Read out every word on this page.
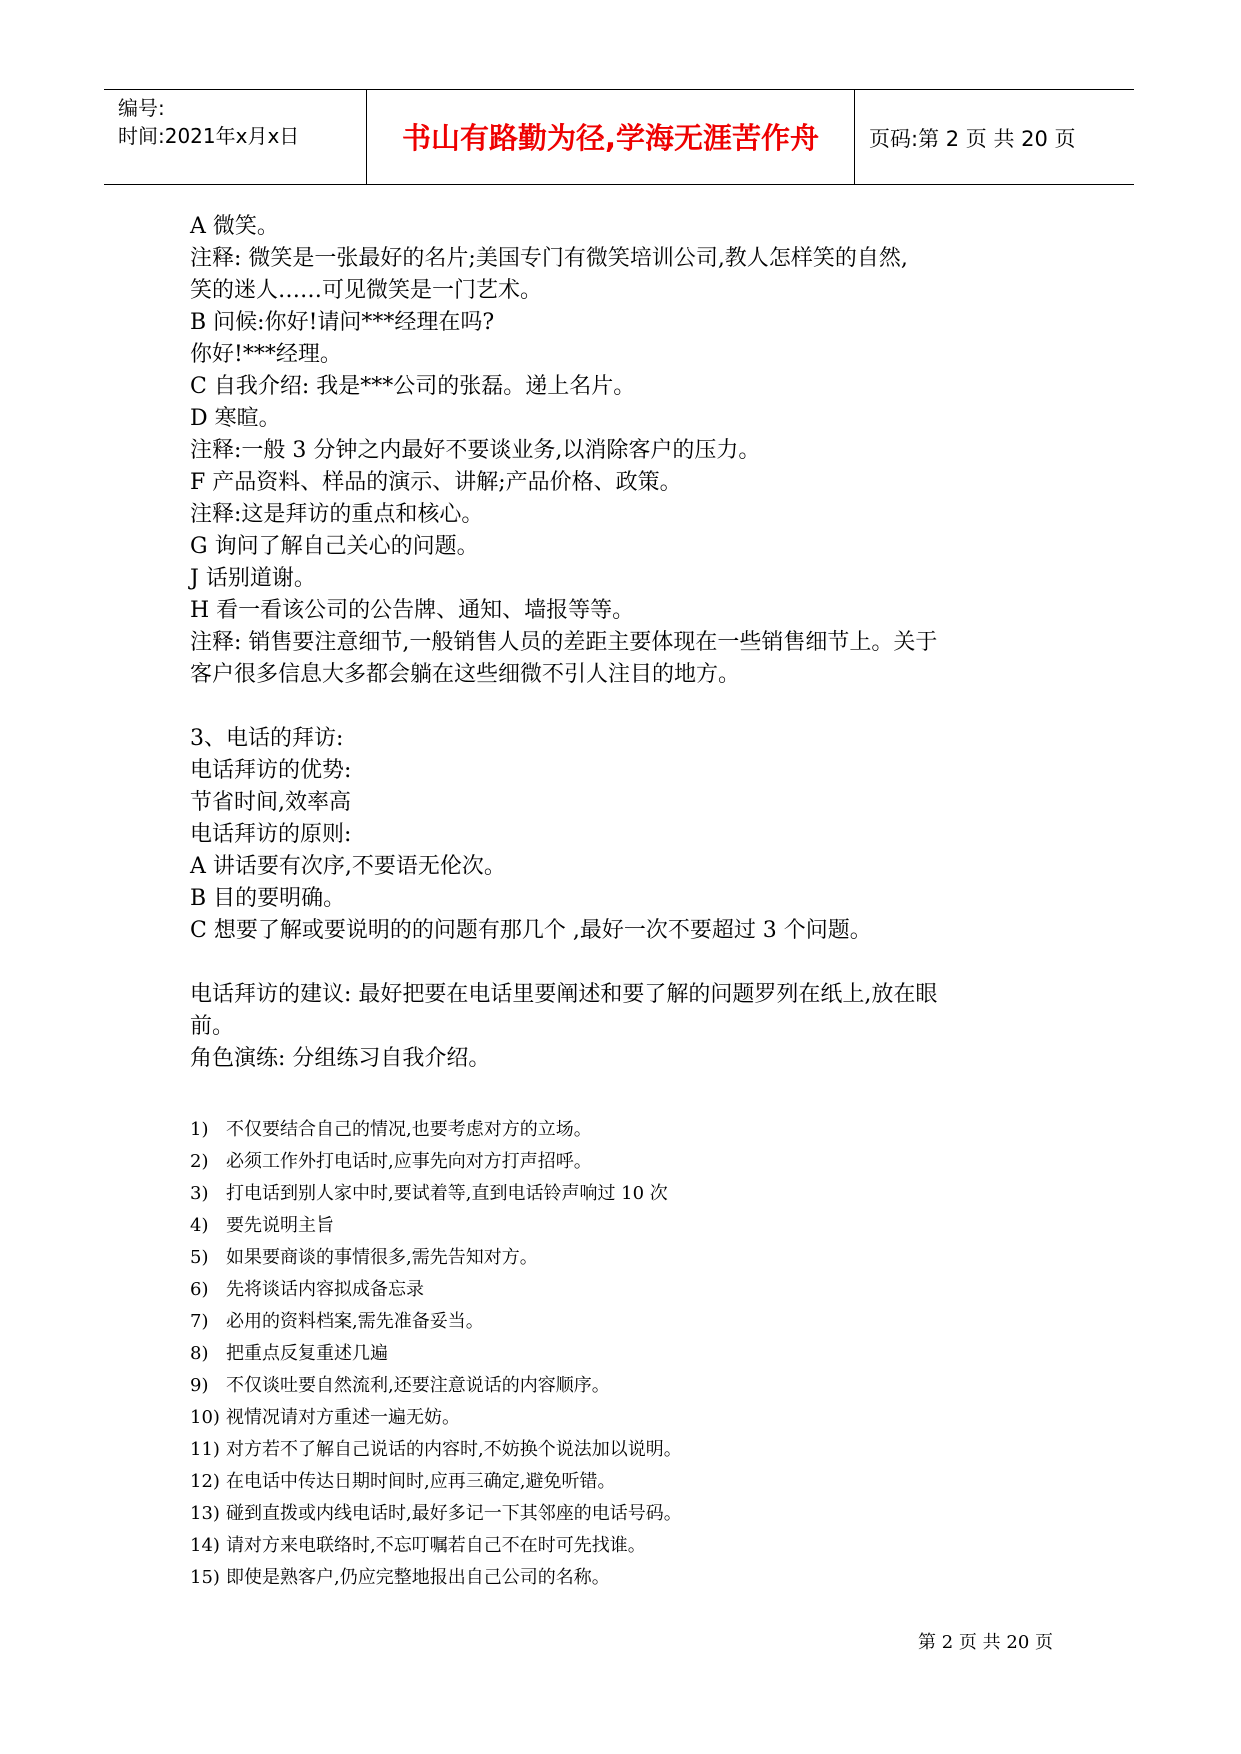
编号:
时间:2021年x月x日	书山有路勤为径,学海无涯苦作舟	页码:第 2 页 共 20 页
A 微笑。
注释: 微笑是一张最好的名片;美国专门有微笑培训公司,教人怎样笑的自然,
笑的迷人……可见微笑是一门艺术。
B 问候:你好!请问***经理在吗?
你好!***经理。
C 自我介绍: 我是***公司的张磊。递上名片。
D 寒暄。
注释:一般 3 分钟之内最好不要谈业务,以消除客户的压力。
F 产品资料、样品的演示、讲解;产品价格、政策。
注释:这是拜访的重点和核心。
G 询问了解自己关心的问题。
J 话别道谢。
H 看一看该公司的公告牌、通知、墙报等等。
注释: 销售要注意细节,一般销售人员的差距主要体现在一些销售细节上。关于
客户很多信息大多都会躺在这些细微不引人注目的地方。
3、电话的拜访:
电话拜访的优势:
节省时间,效率高
电话拜访的原则:
A 讲话要有次序,不要语无伦次。
B 目的要明确。
C 想要了解或要说明的的问题有那几个 ,最好一次不要超过 3 个问题。
电话拜访的建议: 最好把要在电话里要阐述和要了解的问题罗列在纸上,放在眼
前。
角色演练: 分组练习自我介绍。
1) 不仅要结合自己的情况,也要考虑对方的立场。
2) 必须工作外打电话时,应事先向对方打声招呼。
3) 打电话到别人家中时,要试着等,直到电话铃声响过 10 次
4) 要先说明主旨
5) 如果要商谈的事情很多,需先告知对方。
6) 先将谈话内容拟成备忘录
7) 必用的资料档案,需先准备妥当。
8) 把重点反复重述几遍
9) 不仅谈吐要自然流利,还要注意说话的内容顺序。
10) 视情况请对方重述一遍无妨。
11) 对方若不了解自己说话的内容时,不妨换个说法加以说明。
12) 在电话中传达日期时间时,应再三确定,避免听错。
13) 碰到直拨或内线电话时,最好多记一下其邻座的电话号码。
14) 请对方来电联络时,不忘叮嘱若自己不在时可先找谁。
15) 即使是熟客户,仍应完整地报出自己公司的名称。
第 2 页 共 20 页
